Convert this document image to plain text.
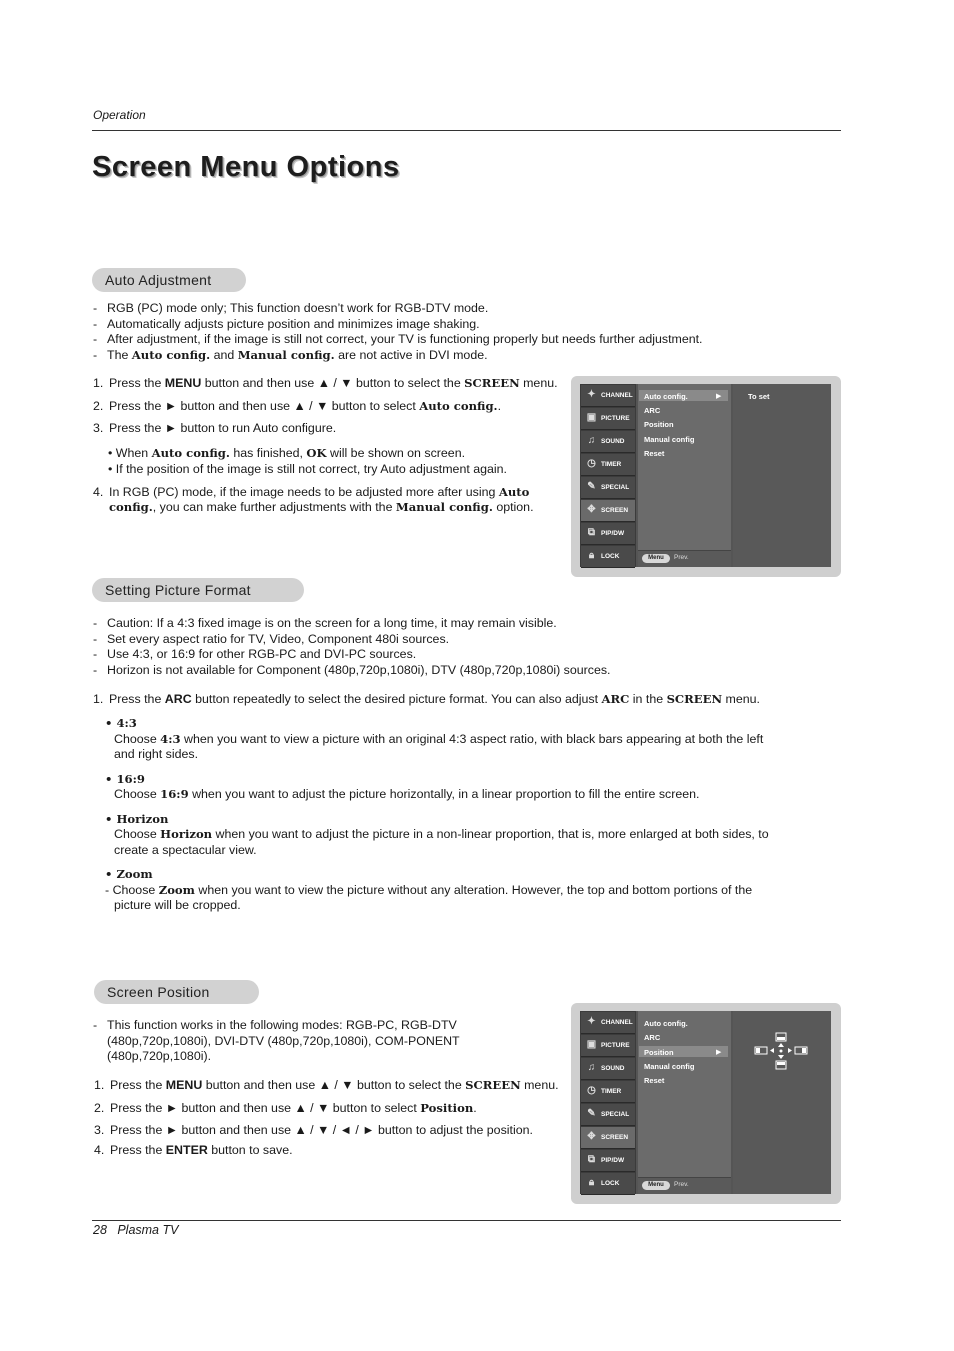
Operation
Screen Menu Options
Auto Adjustment

- RGB (PC) mode only; This function doesn’t work for RGB-DTV mode.

- Automatically adjusts picture position and minimizes image shaking.

- After adjustment, if the image is still not correct, your TV is functioning properly but needs further adjustment.

- The Auto config. and Manual config. are not active in DVI mode.

1. Press the MENU button and then use ▲ / ▼ button to select the SCREEN menu.

2. Press the ► button and then use ▲ / ▼ button to select Auto config..

3. Press the ► button to run Auto configure.

• When Auto config. has finished, OK will be shown on screen.

• If the position of the image is still not correct, try Auto adjustment again.

4. In RGB (PC) mode, if the image needs to be adjusted more after using Auto config., you can make further adjustments with the Manual config. option.

✦ CHANNEL
▣ PICTURE
♫ SOUND
◷ TIMER
✎ SPECIAL
✥ SCREEN
⧉ PIP/DW
🔒︎	LOCK
Auto config.	▶
ARC
Position
Manual config
Reset
Menu	Prev.
To set
Setting Picture Format

- Caution: If a 4:3 fixed image is on the screen for a long time, it may remain visible.

- Set every aspect ratio for TV, Video, Component 480i sources.

- Use 4:3, or 16:9 for other RGB-PC and DVI-PC sources.

- Horizon is not available for Component (480p,720p,1080i), DTV (480p,720p,1080i) sources.

1. Press the ARC button repeatedly to select the desired picture format. You can also adjust ARC in the SCREEN menu.

• 4:3
Choose 4:3 when you want to view a picture with an original 4:3 aspect ratio, with black bars appearing at both the left and right sides.
• 16:9
Choose 16:9 when you want to adjust the picture horizontally, in a linear proportion to fill the entire screen.
• Horizon
Choose Horizon when you want to adjust the picture in a non-linear proportion, that is, more enlarged at both sides, to create a spectacular view.
• Zoom
- Choose Zoom when you want to view the picture without any alteration. However, the top and bottom portions of the picture will be cropped.
Screen Position

- This function works in the following modes: RGB-PC, RGB-DTV (480p,720p,1080i), DVI-DTV (480p,720p,1080i), COM-PONENT (480p,720p,1080i).

1. Press the MENU button and then use ▲ / ▼ button to select the SCREEN menu.

2. Press the ► button and then use ▲ / ▼ button to select Position.

3. Press the ► button and then use ▲ / ▼ / ◄ / ► button to adjust the position.

4. Press the ENTER button to save.

✦ CHANNEL
▣ PICTURE
♫ SOUND
◷ TIMER
✎ SPECIAL
✥ SCREEN
⧉ PIP/DW
🔒︎	LOCK
Auto config.
ARC
Position	▶
Manual config
Reset
Menu	Prev.
28 Plasma TV
